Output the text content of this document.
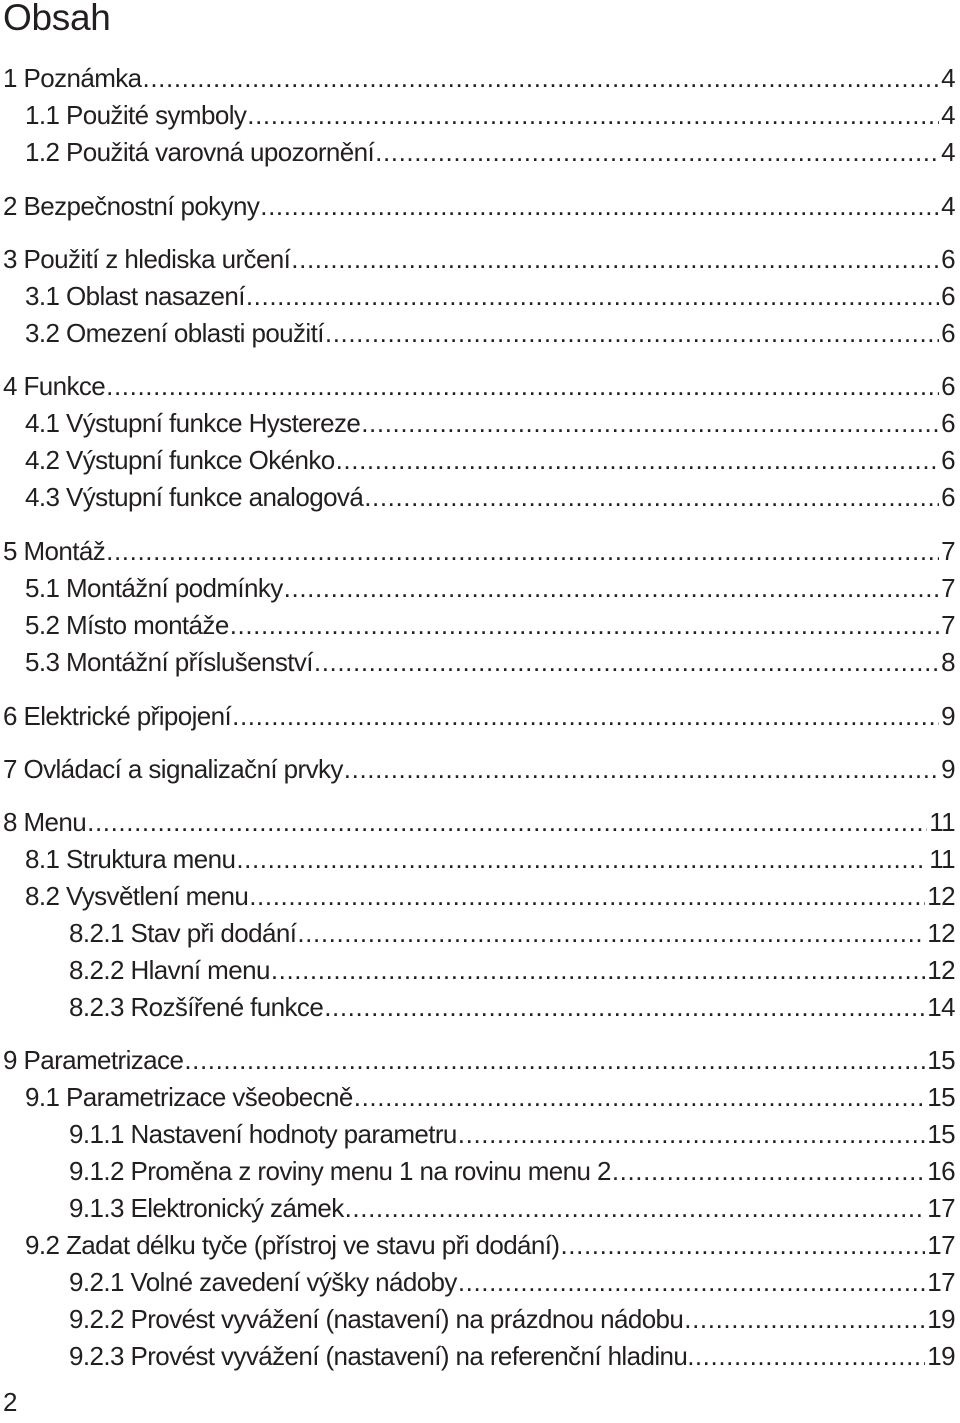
Obsah
1 Poznámka .....	4
1.1 Použité symboly .....	4
1.2 Použitá varovná upozornění .....	4
2 Bezpečnostní pokyny .....	4
3 Použití z hlediska určení .....	6
3.1 Oblast nasazení .....	6
3.2 Omezení oblasti použití .....	6
4 Funkce .....	6
4.1 Výstupní funkce Hystereze .....	6
4.2 Výstupní funkce Okénko .....	6
4.3 Výstupní funkce analogová .....	6
5 Montáž .....	7
5.1 Montážní podmínky .....	7
5.2 Místo montáže .....	7
5.3 Montážní příslušenství .....	8
6 Elektrické připojení .....	9
7 Ovládací a signalizační prvky .....	9
8 Menu .....	11
8.1 Struktura menu .....	11
8.2 Vysvětlení menu .....	12
8.2.1 Stav při dodání .....	12
8.2.2 Hlavní menu .....	12
8.2.3 Rozšířené funkce .....	14
9 Parametrizace .....	15
9.1 Parametrizace všeobecně .....	15
9.1.1 Nastavení hodnoty parametru .....	15
9.1.2 Proměna z roviny menu 1 na rovinu menu 2 .....	16
9.1.3 Elektronický zámek .....	17
9.2 Zadat délku tyče (přístroj ve stavu při dodání) .....	17
9.2.1 Volné zavedení výšky nádoby .....	17
9.2.2 Provést vyvážení (nastavení) na prázdnou nádobu .....	19
9.2.3 Provést vyvážení (nastavení) na referenční hladinu. .....	19
2
